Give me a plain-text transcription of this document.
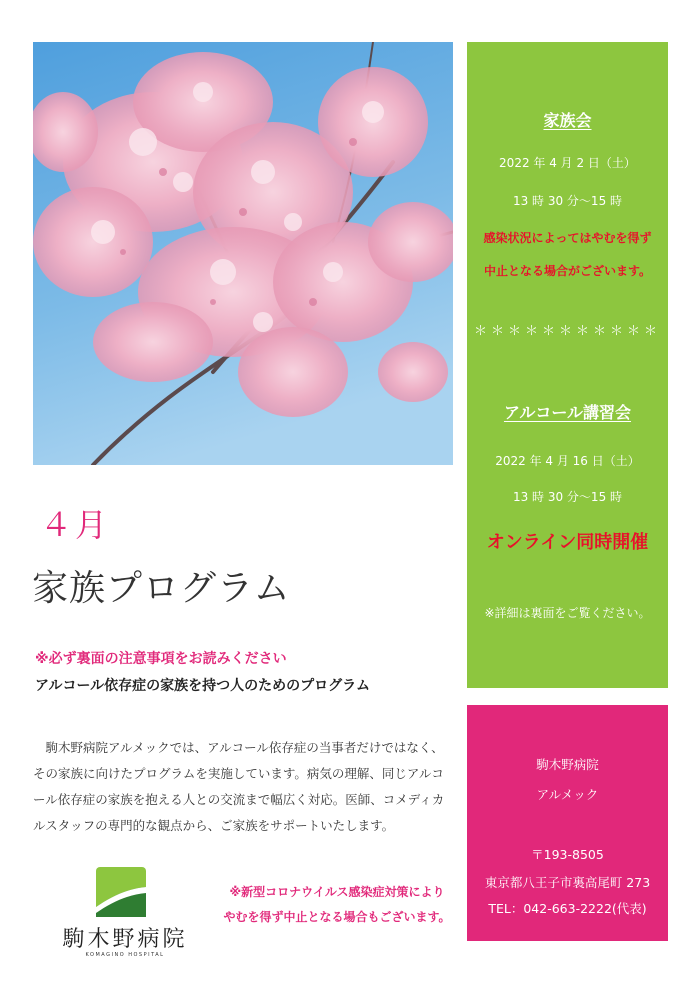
家族会
2022 年 4 月 2 日（土）
13 時 30 分～15 時
感染状況によってはやむを得ず
中止となる場合がございます。
＊＊＊＊＊＊＊＊＊＊＊
アルコール講習会
2022 年 4 月 16 日（土）
13 時 30 分～15 時
オンライン同時開催
※詳細は裏面をご覧ください。
駒木野病院
アルメック
〒193-8505
東京都八王子市裏高尾町 273
TEL：042-663-2222(代表)
４月
家族プログラム
※必ず裏面の注意事項をお読みください
アルコール依存症の家族を持つ人のためのプログラム
駒木野病院アルメックでは、アルコール依存症の当事者だけではなく、その家族に向けたプログラムを実施しています。病気の理解、同じアルコール依存症の家族を抱える人との交流まで幅広く対応。医師、コメディカルスタッフの専門的な観点から、ご家族をサポートいたします。
駒木野病院
KOMAGINO HOSPITAL
※新型コロナウイルス感染症対策により
やむを得ず中止となる場合もございます。
